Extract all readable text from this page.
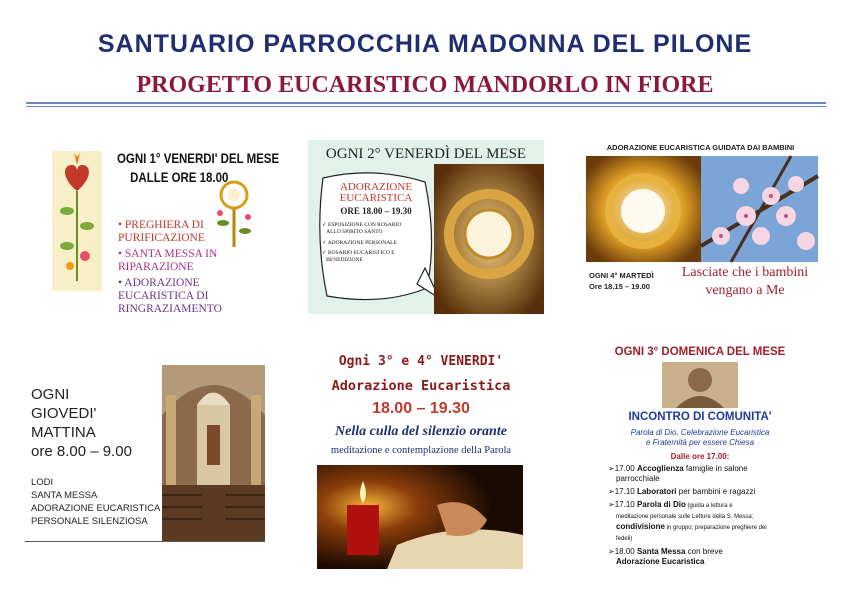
SANTUARIO PARROCCHIA MADONNA DEL PILONE
PROGETTO EUCARISTICO MANDORLO IN FIORE
OGNI 1° VENERDI' DEL MESE
DALLE ORE 18.00
• PREGHIERA DI
PURIFICAZIONE
• SANTA MESSA IN
RIPARAZIONE
• ADORAZIONE
EUCARISTICA DI
RINGRAZIAMENTO
OGNI 2° VENERDÌ DEL MESE
ADORAZIONE
EUCARISTICA
ORE 18.00 – 19.30
✓ ESPOSIZIONE CON ROSARIO
ALLO SPIRITO SANTO
✓ ADORAZIONE PERSONALE
✓ ROSARIO EUCARISTICO E
BENEDIZIONE
ADORAZIONE EUCARISTICA GUIDATA DAI BAMBINI
OGNI 4° MARTEDÌ
Ore 18.15 – 19.00
Lasciate che i bambini
vengano a Me
OGNI
GIOVEDI'
MATTINA
ore 8.00 – 9.00
LODI
SANTA MESSA
ADORAZIONE EUCARISTICA
PERSONALE SILENZIOSA
Ogni 3° e 4° VENERDI'
Adorazione Eucaristica
18.00 – 19.30
Nella culla del silenzio orante
meditazione e contemplazione della Parola
OGNI 3° DOMENICA DEL MESE
INCONTRO DI COMUNITA'
Parola di Dio, Celebrazione Eucaristica
e Fraternità per essere Chiesa
Dalle ore 17.00:
➢17.00 Accoglienza famiglie in salone
parrocchiale
➢17.10 Laboratori per bambini e ragazzi
➢17.10 Parola di Dio (guida a lettura e
meditazione personale sulle Letture della S. Messa;
condivisione in gruppo; preparazione preghiere dei
fedeli)
➢18.00 Santa Messa con breve
Adorazione Eucaristica
